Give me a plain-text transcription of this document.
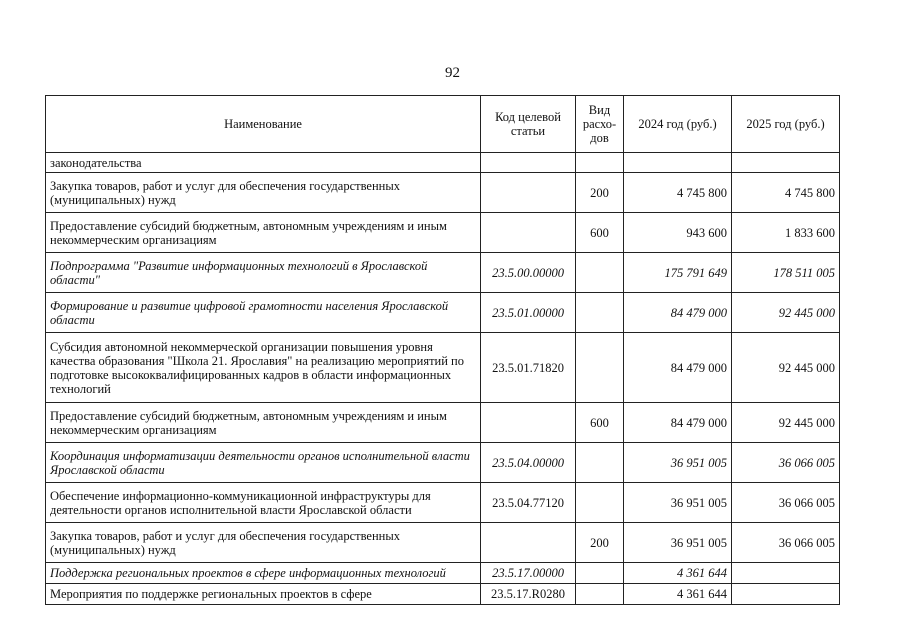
92
Наименование	Код целевой статьи	Вид расхо-дов	2024 год (руб.)	2025 год (руб.)
законодательства				
Закупка товаров, работ и услуг для обеспечения государственных (муниципальных) нужд		200	4 745 800	4 745 800
Предоставление субсидий бюджетным, автономным учреждениям и иным некоммерческим организациям		600	943 600	1 833 600
Подпрограмма "Развитие информационных технологий в Ярославской области"	23.5.00.00000		175 791 649	178 511 005
Формирование и развитие цифровой грамотности населения Ярославской области	23.5.01.00000		84 479 000	92 445 000
Субсидия автономной некоммерческой организации повышения уровня качества образования "Школа 21. Ярославия" на реализацию мероприятий по подготовке высококвалифицированных кадров в области информационных технологий	23.5.01.71820		84 479 000	92 445 000
Предоставление субсидий бюджетным, автономным учреждениям и иным некоммерческим организациям		600	84 479 000	92 445 000
Координация информатизации деятельности органов исполнительной власти Ярославской области	23.5.04.00000		36 951 005	36 066 005
Обеспечение информационно-коммуникационной инфраструктуры для деятельности органов исполнительной власти Ярославской области	23.5.04.77120		36 951 005	36 066 005
Закупка товаров, работ и услуг для обеспечения государственных (муниципальных) нужд		200	36 951 005	36 066 005
Поддержка региональных проектов в сфере информационных технологий	23.5.17.00000		4 361 644	
Мероприятия по поддержке региональных проектов в сфере	23.5.17.R0280		4 361 644	
